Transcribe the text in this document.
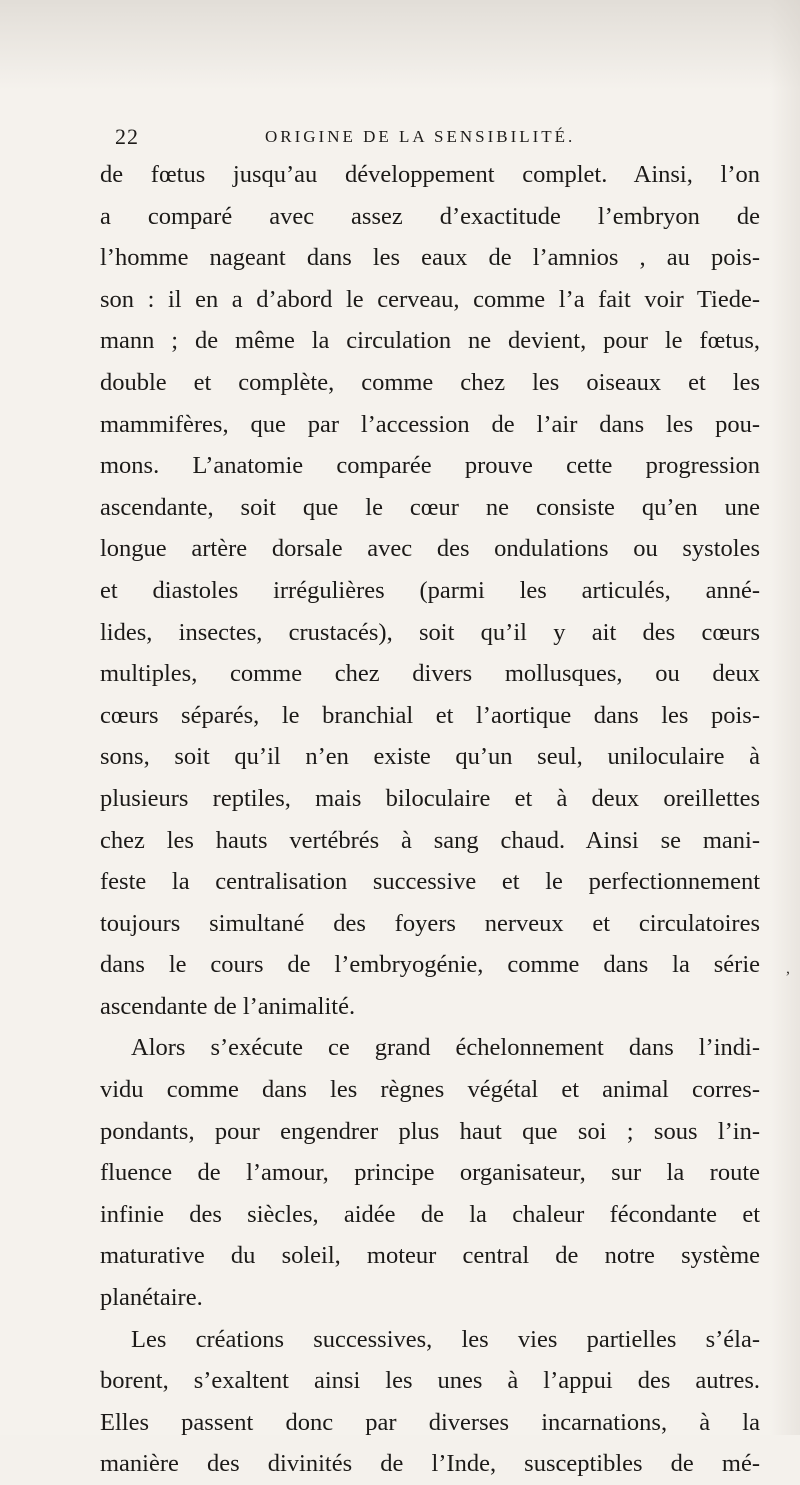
22	ORIGINE DE LA SENSIBILITÉ.
de fœtus jusqu’au développement complet. Ainsi, l’on
a comparé avec assez d’exactitude l’embryon de
l’homme nageant dans les eaux de l’amnios , au pois-
son : il en a d’abord le cerveau, comme l’a fait voir Tiede-
mann ; de même la circulation ne devient, pour le fœtus,
double et complète, comme chez les oiseaux et les
mammifères, que par l’accession de l’air dans les pou-
mons. L’anatomie comparée prouve cette progression
ascendante, soit que le cœur ne consiste qu’en une
longue artère dorsale avec des ondulations ou systoles
et diastoles irrégulières (parmi les articulés, anné-
lides, insectes, crustacés), soit qu’il y ait des cœurs
multiples, comme chez divers mollusques, ou deux
cœurs séparés, le branchial et l’aortique dans les pois-
sons, soit qu’il n’en existe qu’un seul, uniloculaire à
plusieurs reptiles, mais biloculaire et à deux oreillettes
chez les hauts vertébrés à sang chaud. Ainsi se mani-
feste la centralisation successive et le perfectionnement
toujours simultané des foyers nerveux et circulatoires
dans le cours de l’embryogénie, comme dans la série
ascendante de l’animalité.
Alors s’exécute ce grand échelonnement dans l’indi-
vidu comme dans les règnes végétal et animal corres-
pondants, pour engendrer plus haut que soi ; sous l’in-
fluence de l’amour, principe organisateur, sur la route
infinie des siècles, aidée de la chaleur fécondante et
maturative du soleil, moteur central de notre système
planétaire.
Les créations successives, les vies partielles s’éla-
borent, s’exaltent ainsi les unes à l’appui des autres.
Elles passent donc par diverses incarnations, à la
manière des divinités de l’Inde, susceptibles de mé-
,
